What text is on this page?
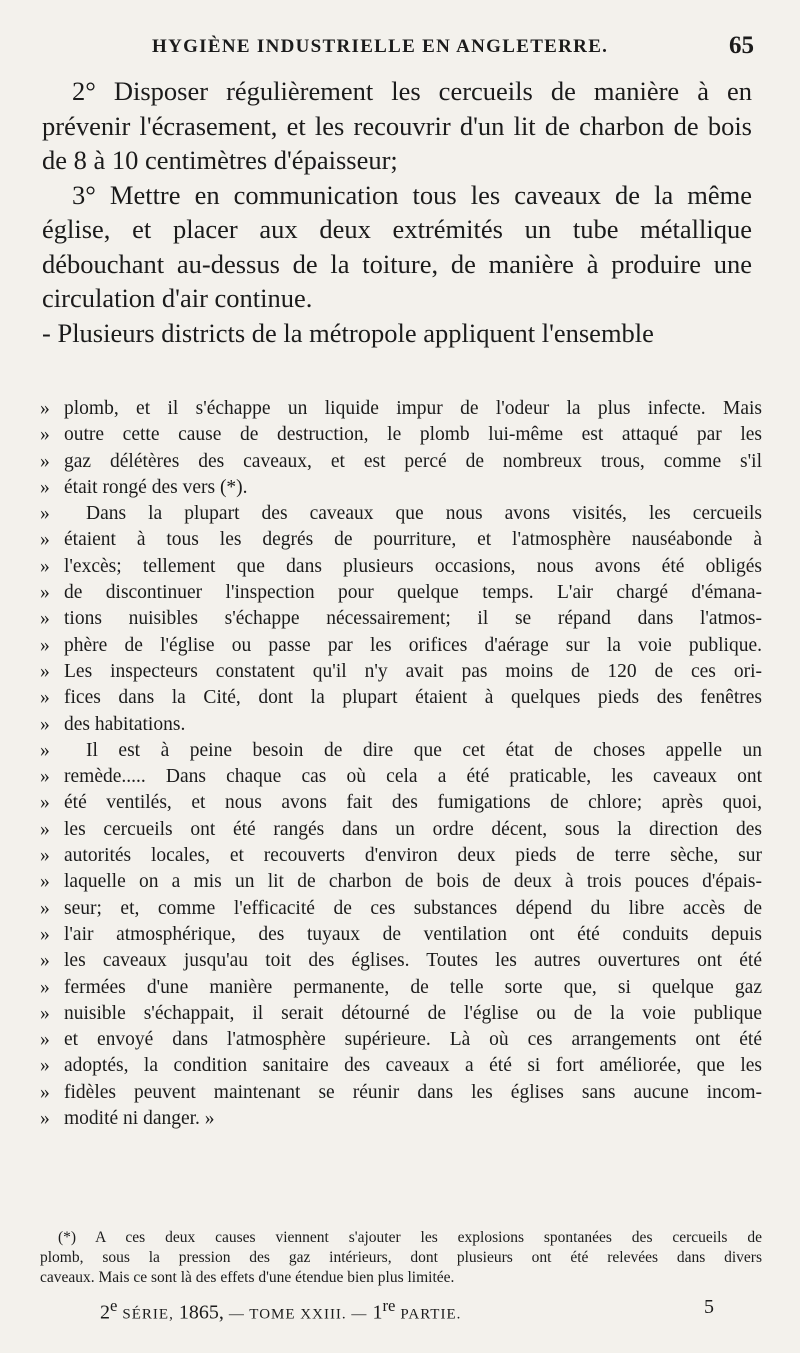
HYGIÈNE INDUSTRIELLE EN ANGLETERRE.	65

2° Disposer régulièrement les cercueils de manière à en prévenir l'écrasement, et les recouvrir d'un lit de charbon de bois de 8 à 10 centimètres d'épaisseur;

3° Mettre en communication tous les caveaux de la même église, et placer aux deux extrémités un tube métallique débouchant au-dessus de la toiture, de manière à produire une circulation d'air continue.

- Plusieurs districts de la métropole appliquent l'ensemble

» plomb, et il s'échappe un liquide impur de l'odeur la plus infecte. Mais
» outre cette cause de destruction, le plomb lui-même est attaqué par les
» gaz délétères des caveaux, et est percé de nombreux trous, comme s'il
» était rongé des vers (*).
»	Dans la plupart des caveaux que nous avons visités, les cercueils
» étaient à tous les degrés de pourriture, et l'atmosphère nauséabonde à
» l'excès; tellement que dans plusieurs occasions, nous avons été obligés
» de discontinuer l'inspection pour quelque temps. L'air chargé d'émana-
» tions nuisibles s'échappe nécessairement; il se répand dans l'atmos-
» phère de l'église ou passe par les orifices d'aérage sur la voie publique.
» Les inspecteurs constatent qu'il n'y avait pas moins de 120 de ces ori-
» fices dans la Cité, dont la plupart étaient à quelques pieds des fenêtres
» des habitations.
»	Il est à peine besoin de dire que cet état de choses appelle un
» remède..... Dans chaque cas où cela a été praticable, les caveaux ont
» été ventilés, et nous avons fait des fumigations de chlore; après quoi,
» les cercueils ont été rangés dans un ordre décent, sous la direction des
» autorités locales, et recouverts d'environ deux pieds de terre sèche, sur
» laquelle on a mis un lit de charbon de bois de deux à trois pouces d'épais-
» seur; et, comme l'efficacité de ces substances dépend du libre accès de
» l'air atmosphérique, des tuyaux de ventilation ont été conduits depuis
» les caveaux jusqu'au toit des églises. Toutes les autres ouvertures ont été
» fermées d'une manière permanente, de telle sorte que, si quelque gaz
» nuisible s'échappait, il serait détourné de l'église ou de la voie publique
» et envoyé dans l'atmosphère supérieure. Là où ces arrangements ont été
» adoptés, la condition sanitaire des caveaux a été si fort améliorée, que les
» fidèles peuvent maintenant se réunir dans les églises sans aucune incom-
» modité ni danger. »
(*) A ces deux causes viennent s'ajouter les explosions spontanées des cercueils de
plomb, sous la pression des gaz intérieurs, dont plusieurs ont été relevées dans divers
caveaux. Mais ce sont là des effets d'une étendue bien plus limitée.
2e SÉRIE, 1865, — TOME XXIII. — 1re PARTIE.	5
